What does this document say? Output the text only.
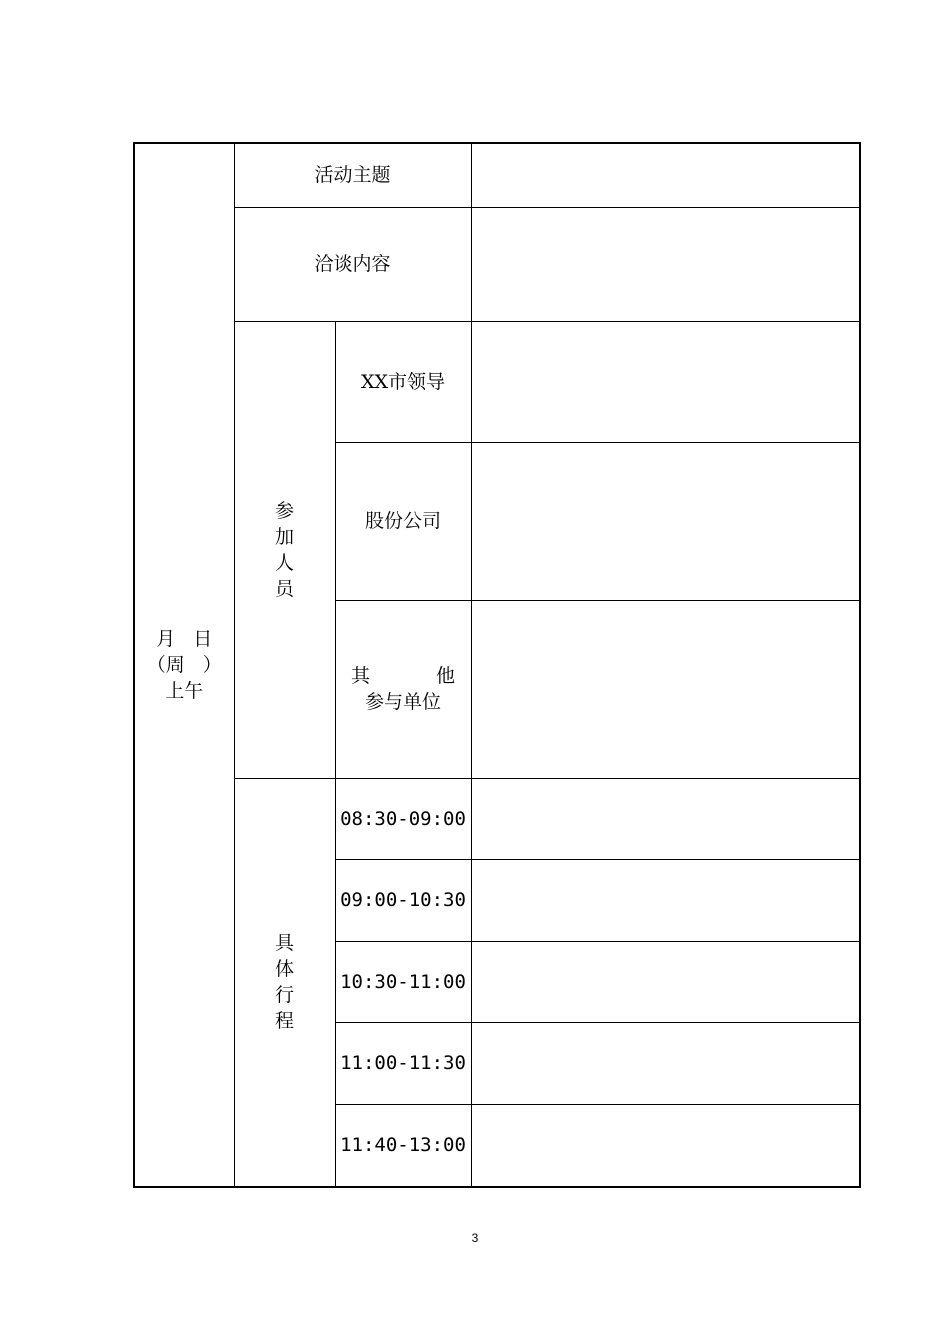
月   日
（周   ）
上午	活动主题		
	洽谈内容		
	参加人员	XX市领导	
		股份公司	

		其 他
参与单位	

	具体行程	08:30-09:00	
		09:00-10:30	
		10:30-11:00	
		11:00-11:30	
		11:40-13:00	
3
